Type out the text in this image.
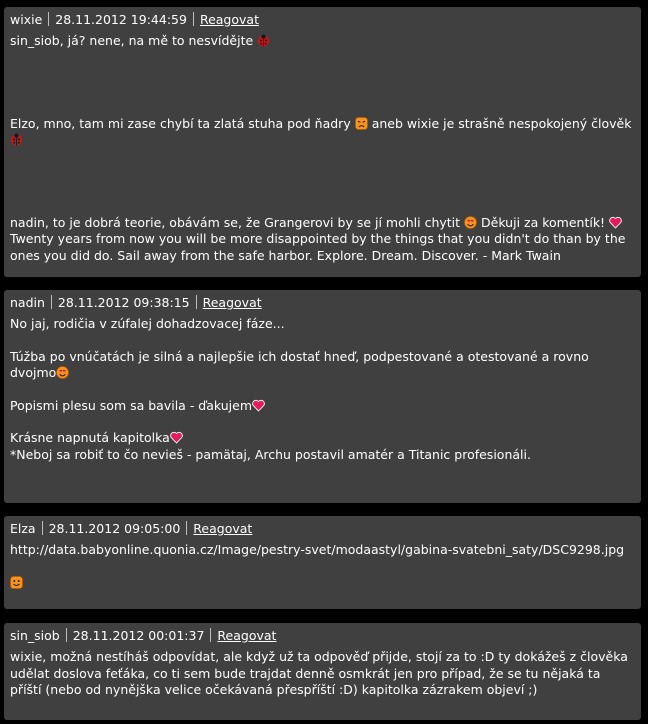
wixie 28.11.2012 19:44:59 Reagovat
sin_siob, já? nene, na mě to nesvídějte
Elzo, mno, tam mi zase chybí ta zlatá stuha pod ňadry  aneb wixie je strašně nespokojený člověk

nadin, to je dobrá teorie, obávám se, že Grangerovi by se jí mohli chytit  Děkuji za komentík!
Twenty years from now you will be more disappointed by the things that you didn't do than by the ones you did do. Sail away from the safe harbor. Explore. Dream. Discover. - Mark Twain
nadin 28.11.2012 09:38:15 Reagovat
No jaj, rodičia v zúfalej dohadzovacej fáze...
Túžba po vnúčatách je silná a najlepšie ich dostať hneď, podpestované a otestované a rovno dvojmo
Popismi plesu som sa bavila - ďakujem
Krásne napnutá kapitolka
*Neboj sa robiť to čo nevieš - pamätaj, Archu postavil amatér a Titanic profesionáli.
Elza 28.11.2012 09:05:00 Reagovat
http://data.babyonline.quonia.cz/Image/pestry-svet/modaastyl/gabina-svatebni_saty/DSC9298.jpg
sin_siob 28.11.2012 00:01:37 Reagovat
wixie, možná nestíháš odpovídat, ale když už ta odpověď přijde, stojí za to :D ty dokážeš z člověka udělat doslova feťáka, co ti sem bude trajdat denně osmkrát jen pro případ, že se tu nějaká ta příští (nebo od nynějška velice očekávaná přespříští :D) kapitolka zázrakem objeví ;)
